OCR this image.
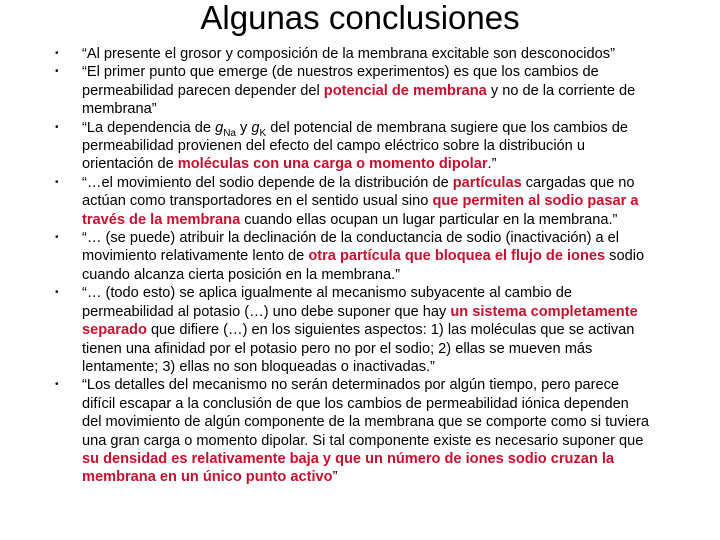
Algunas conclusiones
• “Al presente el grosor y composición de la membrana excitable son desconocidos”
• “El primer punto que emerge (de nuestros experimentos) es que los cambios de permeabilidad parecen depender del potencial de membrana y no de la corriente de membrana”
• “La dependencia de $g_{Na}$ y $g_K$ del potencial de membrana sugiere que los cambios de permeabilidad provienen del efecto del campo eléctrico sobre la distribución u orientación de moléculas con una carga o momento dipolar.”
• “…el movimiento del sodio depende de la distribución de partículas cargadas que no actúan como transportadores en el sentido usual sino que permiten al sodio pasar a través de la membrana cuando ellas ocupan un lugar particular en la membrana.”
• “… (se puede) atribuir la declinación de la conductancia de sodio (inactivación) a el movimiento relativamente lento de otra partícula que bloquea el flujo de iones sodio cuando alcanza cierta posición en la membrana.”
• “… (todo esto) se aplica igualmente al mecanismo subyacente al cambio de permeabilidad al potasio (…) uno debe suponer que hay un sistema completamente separado que difiere (…) en los siguientes aspectos: 1) las moléculas que se activan tienen una afinidad por el potasio pero no por el sodio; 2) ellas se mueven más lentamente; 3) ellas no son bloqueadas o inactivadas.”
• “Los detalles del mecanismo no serán determinados por algún tiempo, pero parece difícil escapar a la conclusión de que los cambios de permeabilidad iónica dependen del movimiento de algún componente de la membrana que se comporte como si tuviera una gran carga o momento dipolar. Si tal componente existe es necesario suponer que su densidad es relativamente baja y que un número de iones sodio cruzan la membrana en un único punto activo”
